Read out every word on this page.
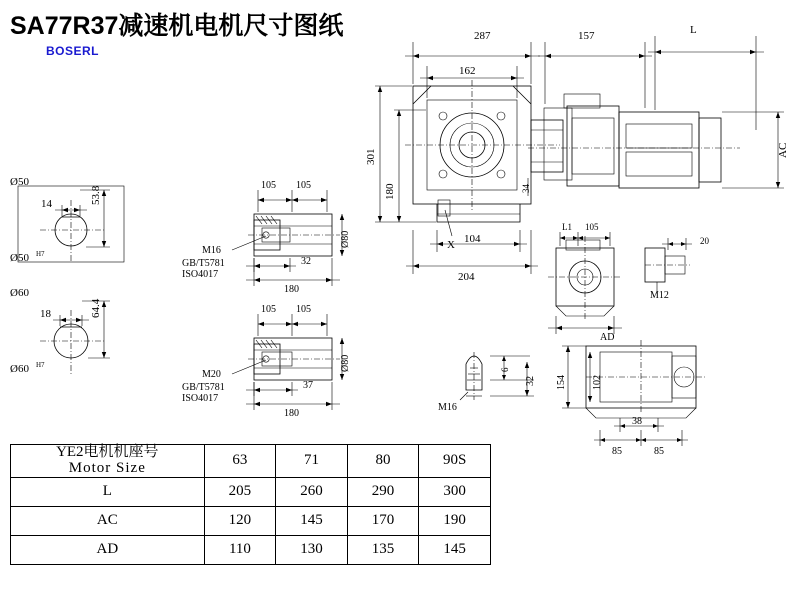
SA77R37减速机电机尺寸图纸
BOSERL
Ø50
14	53.8
Ø50 H7
Ø60
18	64.4
Ø60 H7
105 105
M16
GB/T5781
ISO4017
32
180
Ø80
105 105
M20
GB/T5781
ISO4017
37
180
Ø80
287	157	L
162
301
180	34
104
204
AC
X
L1 105
AD
20
M12
6
32
M16
154	102
38
85	85
YE2电机机座号
Motor Size	63	71	80	90S
L	205	260	290	300
AC	120	145	170	190
AD	110	130	135	145
